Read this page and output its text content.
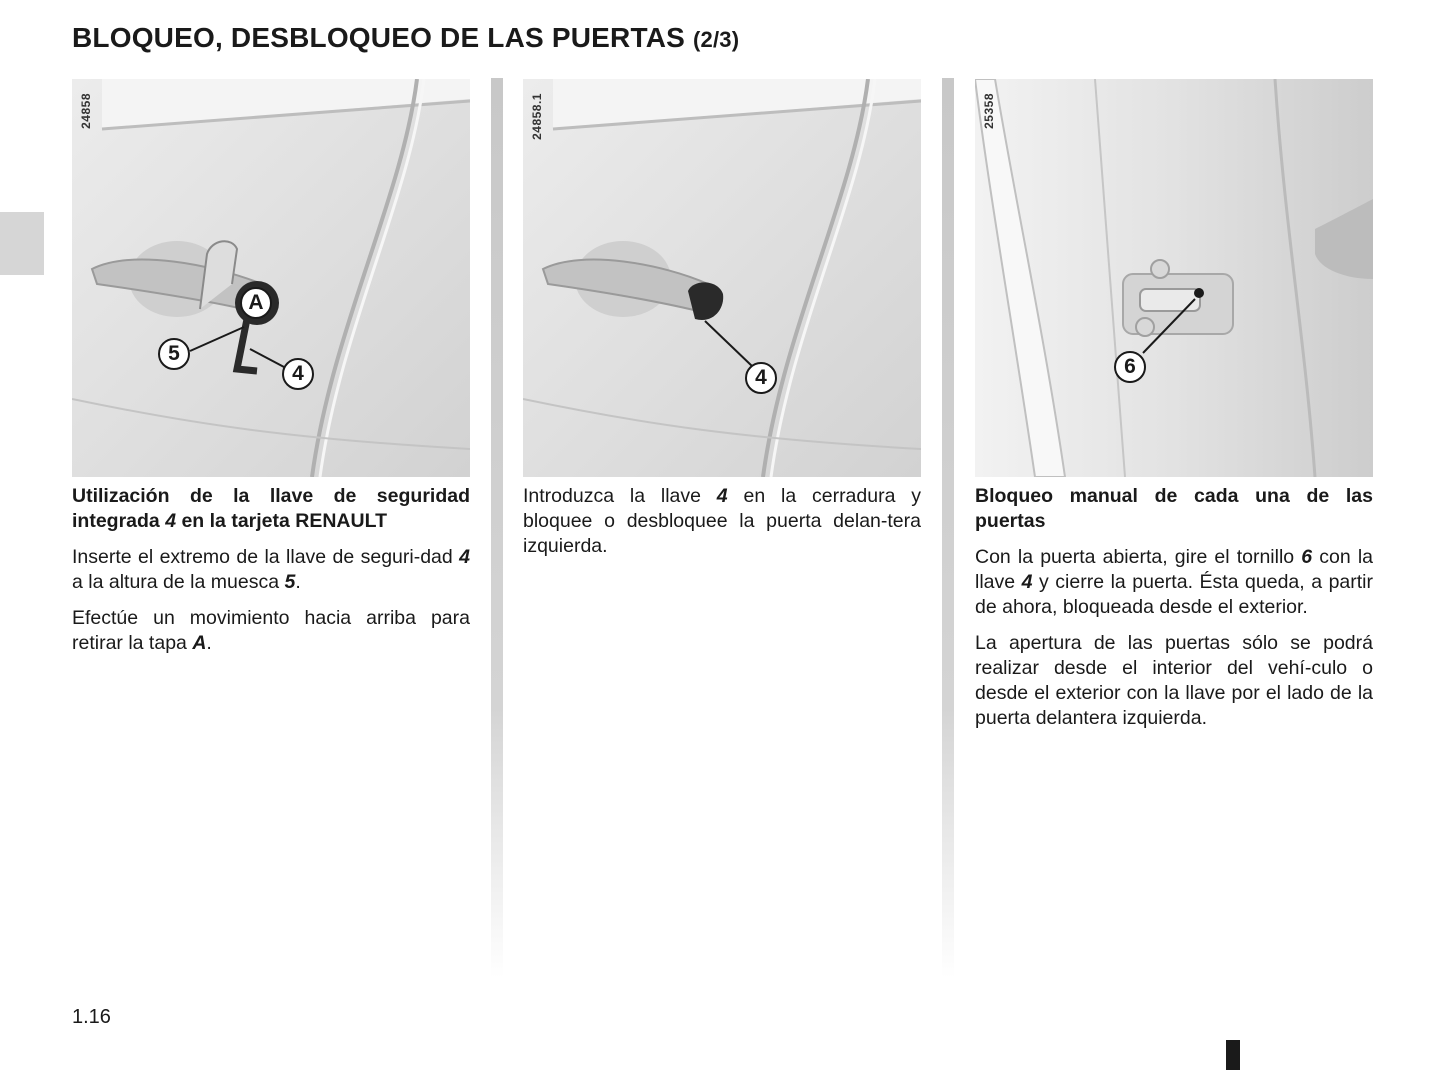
BLOQUEO, DESBLOQUEO DE LAS PUERTAS (2/3)
24858
A
5
4
24858.1
4
25358
6

Utilización de la llave de seguridad integrada 4 en la tarjeta RENAULT

Inserte el extremo de la llave de seguri-dad 4 a la altura de la muesca 5.

Efectúe un movimiento hacia arriba para retirar la tapa A.

Introduzca la llave 4 en la cerradura y bloquee o desbloquee la puerta delan-tera izquierda.

Bloqueo manual de cada una de las puertas

Con la puerta abierta, gire el tornillo 6 con la llave 4 y cierre la puerta. Ésta queda, a partir de ahora, bloqueada desde el exterior.

La apertura de las puertas sólo se podrá realizar desde el interior del vehí-culo o desde el exterior con la llave por el lado de la puerta delantera izquierda.

1.16
